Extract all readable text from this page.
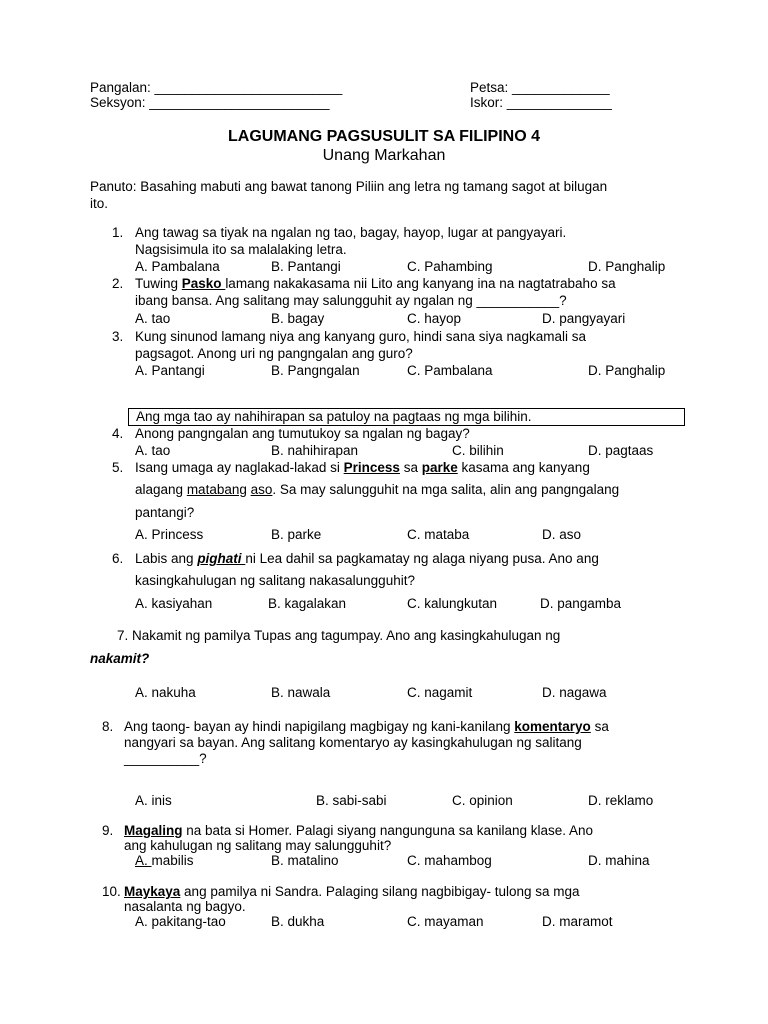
Pangalan: _________________________	Petsa: _____________
Seksyon: ________________________	Iskor: ______________
LAGUMANG PAGSUSULIT SA FILIPINO 4
Unang Markahan
Panuto: Basahing mabuti ang bawat tanong Piliin ang letra ng tamang sagot at bilugan
ito.
1. Ang tawag sa tiyak na ngalan ng tao, bagay, hayop, lugar at pangyayari.
Nagsisimula ito sa malalaking letra.
A. Pambalana	B. Pantangi	C. Pahambing	D. Panghalip
2. Tuwing Pasko lamang nakakasama nii Lito ang kanyang ina na nagtatrabaho sa
ibang bansa. Ang salitang may salungguhit ay ngalan ng ___________?
A. tao	B. bagay	C. hayop	D. pangyayari
3. Kung sinunod lamang niya ang kanyang guro, hindi sana siya nagkamali sa
pagsagot. Anong uri ng pangngalan ang guro?
A. Pantangi	B. Pangngalan	C. Pambalana	D. Panghalip
Ang mga tao ay nahihirapan sa patuloy na pagtaas ng mga bilihin.
4. Anong pangngalan ang tumutukoy sa ngalan ng bagay?
A. tao	B. nahihirapan	C. bilihin	D. pagtaas
5. Isang umaga ay naglakad-lakad si Princess sa parke kasama ang kanyang
alagang matabang aso. Sa may salungguhit na mga salita, alin ang pangngalang
pantangi?
A. Princess	B. parke	C. mataba	D. aso
6. Labis ang pighati ni Lea dahil sa pagkamatay ng alaga niyang pusa. Ano ang
kasingkahulugan ng salitang nakasalungguhit?
A. kasiyahan	B. kagalakan	C. kalungkutan	D. pangamba
7. Nakamit ng pamilya Tupas ang tagumpay. Ano ang kasingkahulugan ng
nakamit?
A. nakuha	B. nawala	C. nagamit	D. nagawa
8. Ang taong- bayan ay hindi napigilang magbigay ng kani-kanilang komentaryo sa
nangyari sa bayan. Ang salitang komentaryo ay kasingkahulugan ng salitang
__________?
A. inis	B. sabi-sabi	C. opinion	D. reklamo
9. Magaling na bata si Homer. Palagi siyang nangunguna sa kanilang klase. Ano
ang kahulugan ng salitang may salungguhit?
A. mabilis	B. matalino	C. mahambog	D. mahina
10. Maykaya ang pamilya ni Sandra. Palaging silang nagbibigay- tulong sa mga
nasalanta ng bagyo.
A. pakitang-tao	B. dukha	C. mayaman	D. maramot
